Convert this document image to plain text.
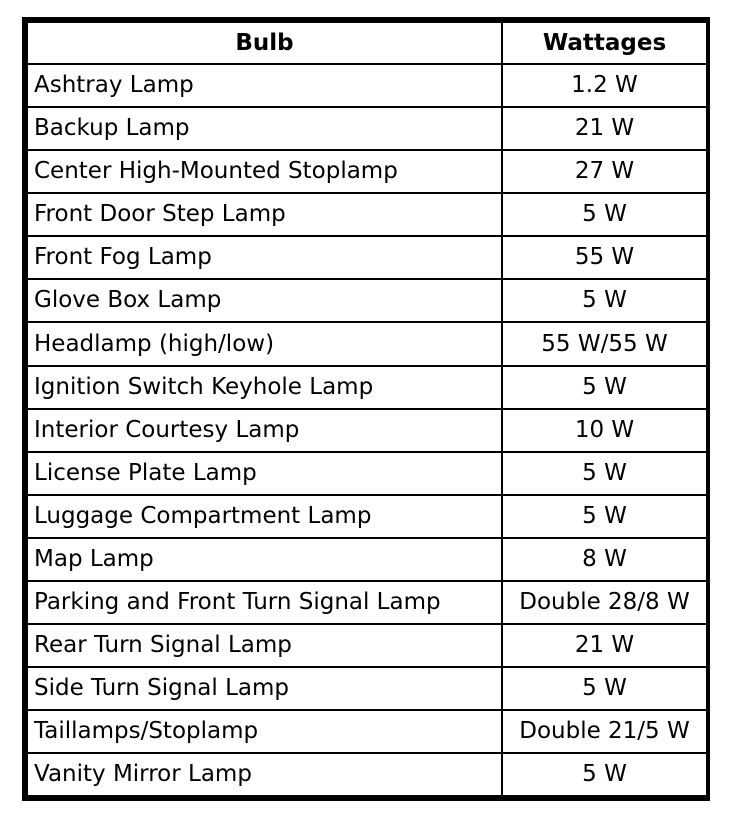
Bulb	Wattages
Ashtray Lamp	1.2 W
Backup Lamp	21 W
Center High-Mounted Stoplamp	27 W
Front Door Step Lamp	5 W
Front Fog Lamp	55 W
Glove Box Lamp	5 W
Headlamp (high/low)	55 W/55 W
Ignition Switch Keyhole Lamp	5 W
Interior Courtesy Lamp	10 W
License Plate Lamp	5 W
Luggage Compartment Lamp	5 W
Map Lamp	8 W
Parking and Front Turn Signal Lamp	Double 28/8 W
Rear Turn Signal Lamp	21 W
Side Turn Signal Lamp	5 W
Taillamps/Stoplamp	Double 21/5 W
Vanity Mirror Lamp	5 W
